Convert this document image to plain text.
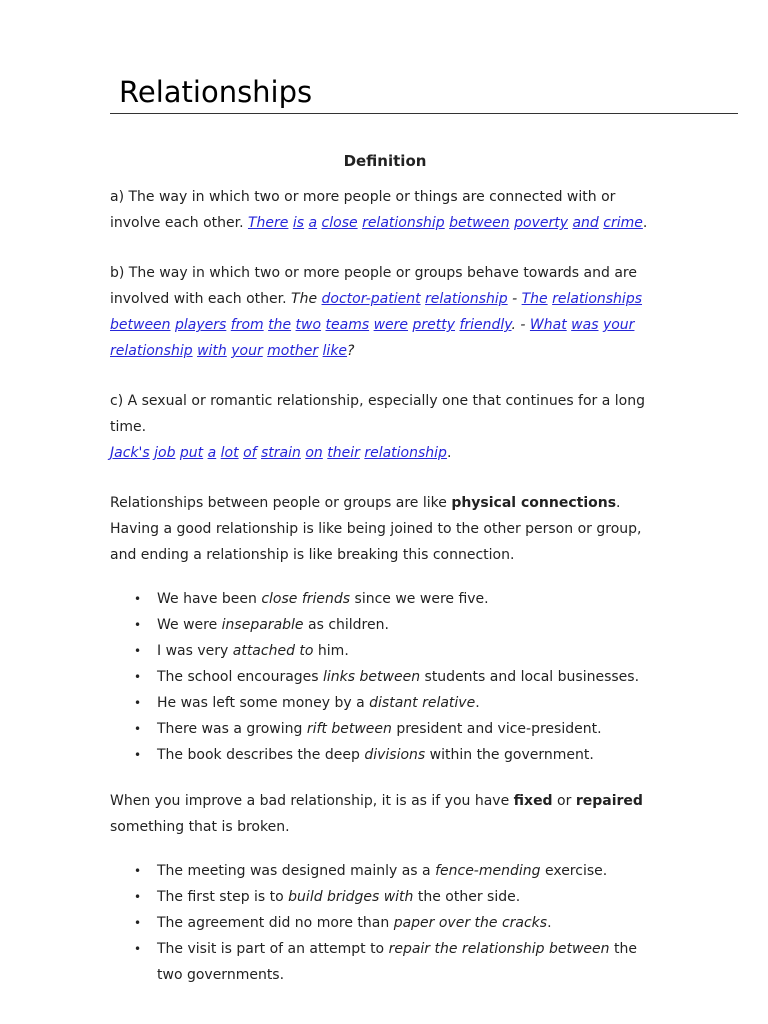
Relationships
Definition

a) The way in which two or more people or things are connected with or involve each other. There is a close relationship between poverty and crime.

b) The way in which two or more people or groups behave towards and are involved with each other. The doctor-patient relationship - The relationships between players from the two teams were pretty friendly. - What was your relationship with your mother like?

c) A sexual or romantic relationship, especially one that continues for a long time.
Jack's job put a lot of strain on their relationship.

Relationships between people or groups are like physical connections. Having a good relationship is like being joined to the other person or group, and ending a relationship is like breaking this connection.

• We have been close friends since we were five.
• We were inseparable as children.
• I was very attached to him.
• The school encourages links between students and local businesses.
• He was left some money by a distant relative.
• There was a growing rift between president and vice-president.
• The book describes the deep divisions within the government.

When you improve a bad relationship, it is as if you have fixed or repaired something that is broken.

• The meeting was designed mainly as a fence-mending exercise.
• The first step is to build bridges with the other side.
• The agreement did no more than paper over the cracks.
• The visit is part of an attempt to repair the relationship between the two governments.
